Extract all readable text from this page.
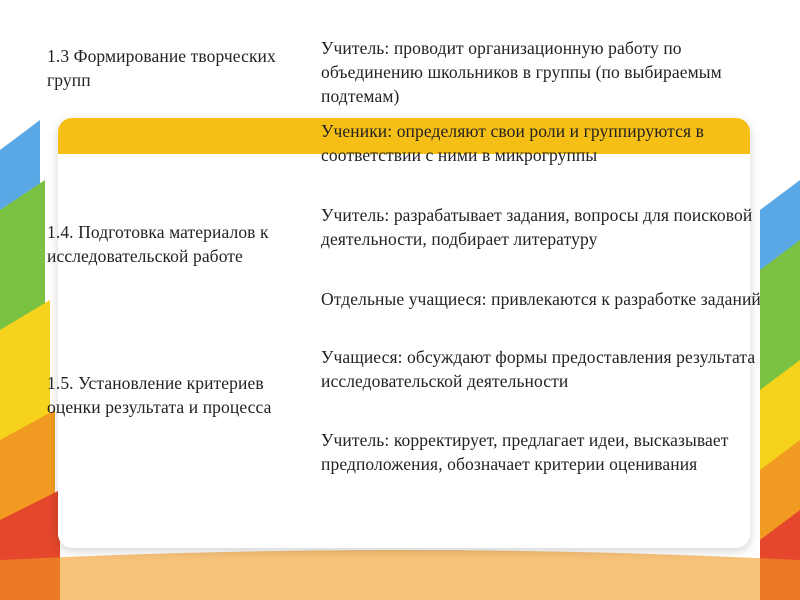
1.3 Формирование творческих групп
Учитель: проводит организационную работу по объединению школьников в группы (по выбираемым подтемам)
Ученики: определяют свои роли и группируются в соответствии с ними в микрогруппы
1.4. Подготовка материалов к исследовательской работе
Учитель: разрабатывает задания, вопросы для поисковой деятельности, подбирает литературу
Отдельные учащиеся: привлекаются к разработке заданий
1.5. Установление критериев оценки результата и процесса
Учащиеся: обсуждают формы предоставления результата исследовательской деятельности
Учитель: корректирует, предлагает идеи, высказывает предположения, обозначает критерии оценивания
